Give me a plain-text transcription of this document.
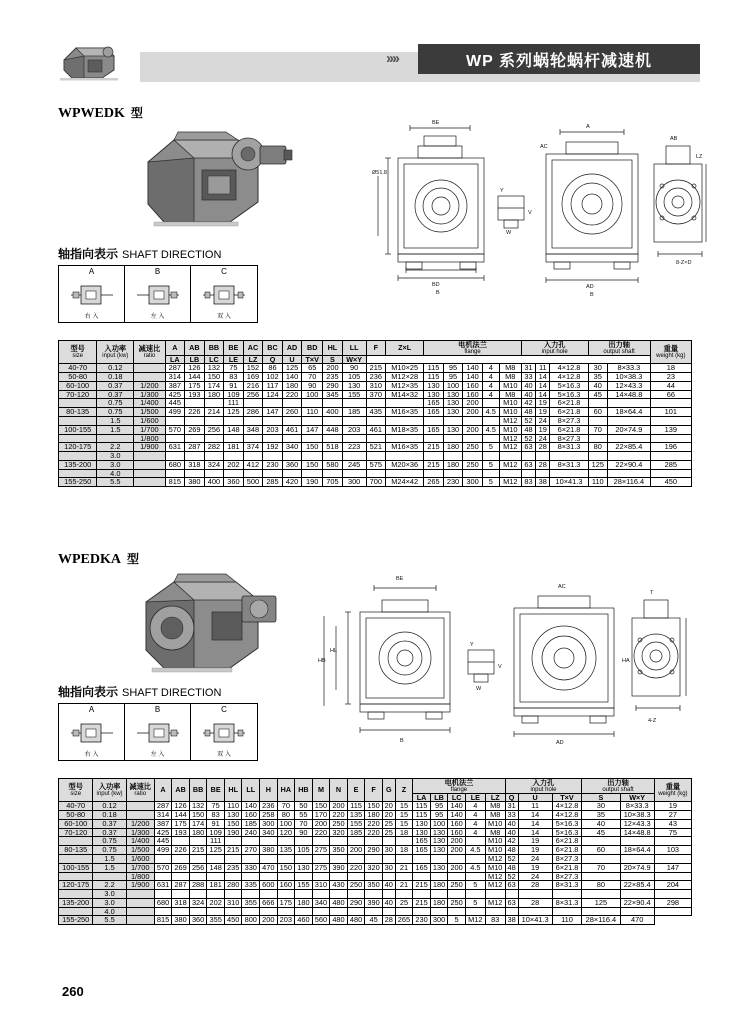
››››	WP 系列蜗轮蜗杆减速机
WPWEDK 型
轴指向表示 SHAFT DIRECTION
A
右 入
B
左 入
C
双 入
BE
BD
B
Ø51.8
A
AD
B
Y
V
W
AB
8-Z×D
LZ
AC
型号
size

入功率
input (kw)

减速比
ratio

A	AB	BB	BE	AC	BC	AD	BD	HL	LL	F	Z×L	电机法兰
flange

入力孔
input hole

出力轴
output shaft	重量
weight (kg)

			LA	LB	LC	LE	LZ	Q	U	T×V	S	W×Y													
40-70	0.12		287	126	132	75	152	86	125	65	200	90	215	M10×25	115	95	140	4	M8	31	11	4×12.8	30	8×33.3	18
50-80	0.18		314	144	150	83	169	102	140	70	235	105	236	M12×28	115	95	140	4	M8	33	14	4×12.8	35	10×38.3	23
60-100	0.37	1/200	387	175	174	91	216	117	180	90	290	130	310	M12×35	130	100	160	4	M10	40	14	5×16.3	40	12×43.3	44
70-120	0.37	1/300	425	193	180	109	256	124	220	100	345	155	370	M14×32	130	130	160	4	M8	40	14	5×16.3	45	14×48.8	66
	0.75	1/400	445			111									165	130	200		M10	42	19	6×21.8			
80-135	0.75	1/500	499	226	214	125	286	147	260	110	400	185	435	M16×35	165	130	200	4.5	M10	48	19	6×21.8	60	18×64.4	101
	1.5	1/600																	M12	52	24	8×27.3			
100-155	1.5	1/700	570	269	256	148	348	203	461	147	448	203	461	M18×35	165	130	200	4.5	M10	48	19	6×21.8	70	20×74.9	139
		1/800																	M12	52	24	8×27.3			
120-175	2.2	1/900	631	287	282	181	374	192	340	150	518	223	521	M16×35	215	180	250	5	M12	63	28	8×31.3	80	22×85.4	196
	3.0																								
135-200	3.0		680	318	324	202	412	230	360	150	580	245	575	M20×36	215	180	250	5	M12	63	28	8×31.3	125	22×90.4	285
	4.0																								
155-250	5.5		815	380	400	360	500	285	420	190	705	300	700	M24×42	265	230	300	5	M12	83	38	10×41.3	110	28×116.4	450
WPEDKA 型
轴指向表示 SHAFT DIRECTION
A
右 入
B
左 入
C
双 入
BE
HL
HB
B
AC
AD
Y
V
W
HA
T
4-Z
型号
size

入功率
input (kw)

减速比
ratio	A	AB	BB	BE	HL	LL	H	HA	HB	M	N	E	F	G	Z

电机法兰
flange

入力孔
input hole

出力轴
output shaft	重量
weight (kg)

																		LA	LB	LC	LE	LZ	Q	U	T×V	S	W×Y	
40-70	0.12		287	126	132	75	110	140	236	70	50	150	200	115	150	20	15	115	95	140	4	M8	31	11	4×12.8	30	8×33.3	19
50-80	0.18		314	144	150	83	130	160	258	80	55	170	220	135	180	20	15	115	95	140	4	M8	33	14	4×12.8	35	10×38.3	27
60-100	0.37	1/200	387	175	174	91	150	185	300	100	70	200	250	155	220	25	15	130	100	160	4	M10	40	14	5×16.3	40	12×43.3	43
70-120	0.37	1/300	425	193	180	109	190	240	340	120	90	220	320	185	220	25	18	130	130	160	4	M8	40	14	5×16.3	45	14×48.8	75
	0.75	1/400	445			111												165	130	200		M10	42	19	6×21.8			
80-135	0.75	1/500	499	226	215	125	215	270	380	135	105	275	350	200	290	30	18	165	130	200	4.5	M10	48	19	6×21.8	60	18×64.4	103
	1.5	1/600																				M12	52	24	8×27.3			
100-155	1.5	1/700	570	269	256	148	235	330	470	150	130	275	390	220	320	30	21	165	130	200	4.5	M10	48	19	6×21.8	70	20×74.9	147
		1/800																				M12	52	24	8×27.3			
120-175	2.2	1/900	631	287	288	181	280	335	600	160	155	310	430	250	350	40	21	215	180	250	5	M12	63	28	8×31.3	80	22×85.4	204
	3.0																											
135-200	3.0		680	318	324	202	310	355	666	175	180	340	480	290	390	40	25	215	180	250	5	M12	63	28	8×31.3	125	22×90.4	298
	4.0																											
155-250	5.5		815	380	360	355	450	800	200	203	460	560	480	480	45	28	265	230	300	5	M12	83	38	10×41.3	110	28×116.4	470	
260
